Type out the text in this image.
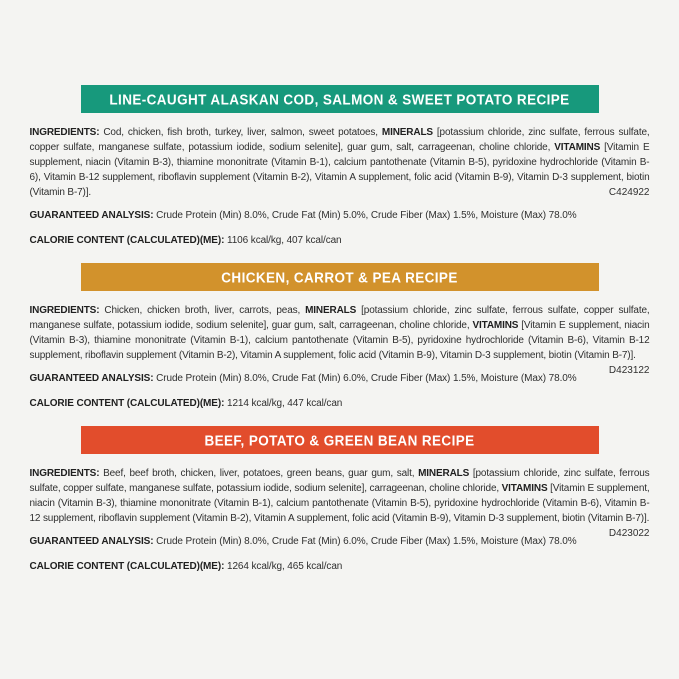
LINE-CAUGHT ALASKAN COD, SALMON & SWEET POTATO RECIPE

INGREDIENTS: Cod, chicken, fish broth, turkey, liver, salmon, sweet potatoes, MINERALS [potassium chloride, zinc sulfate, ferrous sulfate, copper sulfate, manganese sulfate, potassium iodide, sodium selenite], guar gum, salt, carrageenan, choline chloride, VITAMINS [Vitamin E supplement, niacin (Vitamin B-3), thiamine mononitrate (Vitamin B-1), calcium pantothenate (Vitamin B-5), pyridoxine hydrochloride (Vitamin B-6), Vitamin B-12 supplement, riboflavin supplement (Vitamin B-2), Vitamin A supplement, folic acid (Vitamin B-9), Vitamin D-3 supplement, biotin (Vitamin B-7)].	C424922

GUARANTEED ANALYSIS: Crude Protein (Min) 8.0%, Crude Fat (Min) 5.0%, Crude Fiber (Max) 1.5%, Moisture (Max) 78.0%

CALORIE CONTENT (CALCULATED)(ME): 1106 kcal/kg, 407 kcal/can

CHICKEN, CARROT & PEA RECIPE

INGREDIENTS: Chicken, chicken broth, liver, carrots, peas, MINERALS [potassium chloride, zinc sulfate, ferrous sulfate, copper sulfate, manganese sulfate, potassium iodide, sodium selenite], guar gum, salt, carrageenan, choline chloride, VITAMINS [Vitamin E supplement, niacin (Vitamin B-3), thiamine mononitrate (Vitamin B-1), calcium pantothenate (Vitamin B-5), pyridoxine hydrochloride (Vitamin B-6), Vitamin B-12 supplement, riboflavin supplement (Vitamin B-2), Vitamin A supplement, folic acid (Vitamin B-9), Vitamin D-3 supplement, biotin (Vitamin B-7)].
D423122

GUARANTEED ANALYSIS: Crude Protein (Min) 8.0%, Crude Fat (Min) 6.0%, Crude Fiber (Max) 1.5%, Moisture (Max) 78.0%

CALORIE CONTENT (CALCULATED)(ME): 1214 kcal/kg, 447 kcal/can

BEEF, POTATO & GREEN BEAN RECIPE

INGREDIENTS: Beef, beef broth, chicken, liver, potatoes, green beans, guar gum, salt, MINERALS [potassium chloride, zinc sulfate, ferrous sulfate, copper sulfate, manganese sulfate, potassium iodide, sodium selenite], carrageenan, choline chloride, VITAMINS [Vitamin E supplement, niacin (Vitamin B-3), thiamine mononitrate (Vitamin B-1), calcium pantothenate (Vitamin B-5), pyridoxine hydrochloride (Vitamin B-6), Vitamin B-12 supplement, riboflavin supplement (Vitamin B-2), Vitamin A supplement, folic acid (Vitamin B-9), Vitamin D-3 supplement, biotin (Vitamin B-7)].
D423022

GUARANTEED ANALYSIS: Crude Protein (Min) 8.0%, Crude Fat (Min) 6.0%, Crude Fiber (Max) 1.5%, Moisture (Max) 78.0%

CALORIE CONTENT (CALCULATED)(ME): 1264 kcal/kg, 465 kcal/can
